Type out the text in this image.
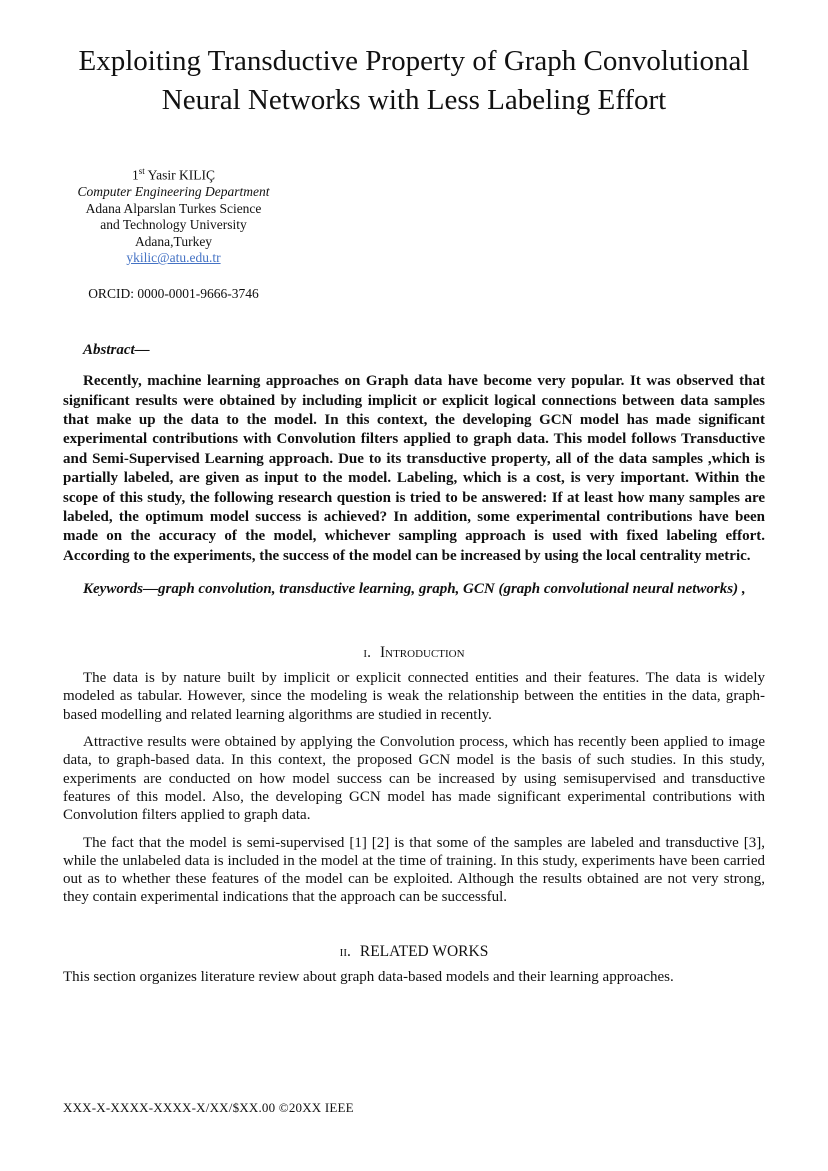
Exploiting Transductive Property of Graph Convolutional Neural Networks with Less Labeling Effort
1st Yasir KILIÇ
Computer Engineering Department
Adana Alparslan Turkes Science
and Technology University
Adana,Turkey
ykilic@atu.edu.tr
ORCID: 0000-0001-9666-3746

Abstract—

Recently, machine learning approaches on Graph data have become very popular. It was observed that significant results were obtained by including implicit or explicit logical connections between data samples that make up the data to the model. In this context, the developing GCN model has made significant experimental contributions with Convolution filters applied to graph data. This model follows Transductive and Semi-Supervised Learning approach. Due to its transductive property, all of the data samples ,which is partially labeled, are given as input to the model. Labeling, which is a cost, is very important. Within the scope of this study, the following research question is tried to be answered: If at least how many samples are labeled, the optimum model success is achieved? In addition, some experimental contributions have been made on the accuracy of the model, whichever sampling approach is used with fixed labeling effort. According to the experiments, the success of the model can be increased by using the local centrality metric.

Keywords—graph convolution, transductive learning, graph, GCN (graph convolutional neural networks) ,

i. Introduction

The data is by nature built by implicit or explicit connected entities and their features. The data is widely modeled as tabular. However, since the modeling is weak the relationship between the entities in the data, graph-based modelling and related learning algorithms are studied in recently.

Attractive results were obtained by applying the Convolution process, which has recently been applied to image data, to graph-based data. In this context, the proposed GCN model is the basis of such studies. In this study, experiments are conducted on how model success can be increased by using semisupervised and transductive features of this model. Also, the developing GCN model has made significant experimental contributions with Convolution filters applied to graph data.

The fact that the model is semi-supervised [1] [2] is that some of the samples are labeled and transductive [3], while the unlabeled data is included in the model at the time of training. In this study, experiments have been carried out as to whether these features of the model can be exploited. Although the results obtained are not very strong, they contain experimental indications that the approach can be successful.

ii. RELATED WORKS

This section organizes literature review about graph data-based models and their learning approaches.

XXX-X-XXXX-XXXX-X/XX/$XX.00 ©20XX IEEE
